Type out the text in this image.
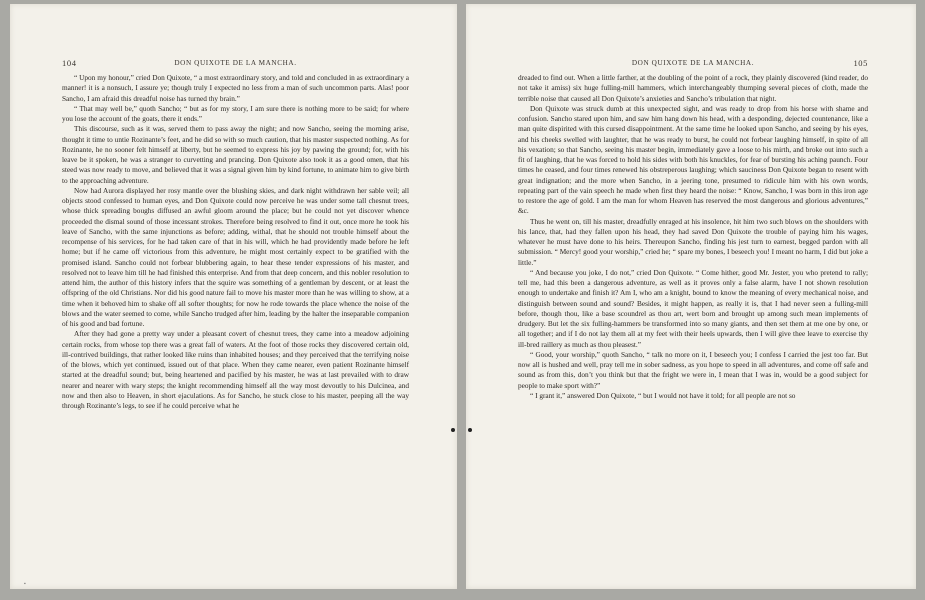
104	DON QUIXOTE DE LA MANCHA.

“ Upon my honour,” cried Don Quixote, “ a most extraordinary story, and told and concluded in as extraordinary a manner! it is a nonsuch, I assure ye; though truly I expected no less from a man of such uncommon parts. Alas! poor Sancho, I am afraid this dreadful noise has turned thy brain.”

“ That may well be,” quoth Sancho; “ but as for my story, I am sure there is nothing more to be said; for where you lose the account of the goats, there it ends.”

This discourse, such as it was, served them to pass away the night; and now Sancho, seeing the morning arise, thought it time to untie Rozinante’s feet, and he did so with so much caution, that his master suspected nothing. As for Rozinante, he no sooner felt himself at liberty, but he seemed to express his joy by pawing the ground; for, with his leave be it spoken, he was a stranger to curvetting and prancing. Don Quixote also took it as a good omen, that his steed was now ready to move, and believed that it was a signal given him by kind fortune, to animate him to give birth to the approaching adventure.

Now had Aurora displayed her rosy mantle over the blushing skies, and dark night withdrawn her sable veil; all objects stood confessed to human eyes, and Don Quixote could now perceive he was under some tall chesnut trees, whose thick spreading boughs diffused an awful gloom around the place; but he could not yet discover whence proceeded the dismal sound of those incessant strokes. Therefore being resolved to find it out, once more he took his leave of Sancho, with the same injunctions as before; adding, withal, that he should not trouble himself about the recompense of his services, for he had taken care of that in his will, which he had providently made before he left home; but if he came off victorious from this adventure, he might most certainly expect to be gratified with the promised island. Sancho could not forbear blubbering again, to hear these tender expressions of his master, and resolved not to leave him till he had finished this enterprise. And from that deep concern, and this nobler resolution to attend him, the author of this history infers that the squire was something of a gentleman by descent, or at least the offspring of the old Christians. Nor did his good nature fail to move his master more than he was willing to show, at a time when it behoved him to shake off all softer thoughts; for now he rode towards the place whence the noise of the blows and the water seemed to come, while Sancho trudged after him, leading by the halter the inseparable companion of his good and bad fortune.

After they had gone a pretty way under a pleasant covert of chesnut trees, they came into a meadow adjoining certain rocks, from whose top there was a great fall of waters. At the foot of those rocks they discovered certain old, ill-contrived buildings, that rather looked like ruins than inhabited houses; and they perceived that the terrifying noise of the blows, which yet continued, issued out of that place. When they came nearer, even patient Rozinante himself started at the dreadful sound; but, being heartened and pacified by his master, he was at last prevailed with to draw nearer and nearer with wary steps; the knight recommending himself all the way most devoutly to his Dulcinea, and now and then also to Heaven, in short ejaculations. As for Sancho, he stuck close to his master, peeping all the way through Rozinante’s legs, to see if he could perceive what he

▪
DON QUIXOTE DE LA MANCHA.	105

dreaded to find out. When a little farther, at the doubling of the point of a rock, they plainly discovered (kind reader, do not take it amiss) six huge fulling-mill hammers, which interchangeably thumping several pieces of cloth, made the terrible noise that caused all Don Quixote’s anxieties and Sancho’s tribulation that night.

Don Quixote was struck dumb at this unexpected sight, and was ready to drop from his horse with shame and confusion. Sancho stared upon him, and saw him hang down his head, with a desponding, dejected countenance, like a man quite dispirited with this cursed disappointment. At the same time he looked upon Sancho, and seeing by his eyes, and his cheeks swelled with laughter, that he was ready to burst, he could not forbear laughing himself, in spite of all his vexation; so that Sancho, seeing his master begin, immediately gave a loose to his mirth, and broke out into such a fit of laughing, that he was forced to hold his sides with both his knuckles, for fear of bursting his aching paunch. Four times he ceased, and four times renewed his obstreperous laughing; which sauciness Don Quixote began to resent with great indignation; and the more when Sancho, in a jeering tone, presumed to ridicule him with his own words, repeating part of the vain speech he made when first they heard the noise: “ Know, Sancho, I was born in this iron age to restore the age of gold. I am the man for whom Heaven has reserved the most dangerous and glorious adventures,” &c.

Thus he went on, till his master, dreadfully enraged at his insolence, hit him two such blows on the shoulders with his lance, that, had they fallen upon his head, they had saved Don Quixote the trouble of paying him his wages, whatever he must have done to his heirs. Thereupon Sancho, finding his jest turn to earnest, begged pardon with all submission. “ Mercy! good your worship,” cried he; “ spare my bones, I beseech you! I meant no harm, I did but joke a little.”

“ And because you joke, I do not,” cried Don Quixote. “ Come hither, good Mr. Jester, you who pretend to rally; tell me, had this been a dangerous adventure, as well as it proves only a false alarm, have I not shown resolution enough to undertake and finish it? Am I, who am a knight, bound to know the meaning of every mechanical noise, and distinguish between sound and sound? Besides, it might happen, as really it is, that I had never seen a fulling-mill before, though thou, like a base scoundrel as thou art, wert born and brought up among such mean implements of drudgery. But let the six fulling-hammers be transformed into so many giants, and then set them at me one by one, or all together; and if I do not lay them all at my feet with their heels upwards, then I will give thee leave to exercise thy ill-bred raillery as much as thou pleasest.”

“ Good, your worship,” quoth Sancho, “ talk no more on it, I beseech you; I confess I carried the jest too far. But now all is hushed and well, pray tell me in sober sadness, as you hope to speed in all adventures, and come off safe and sound as from this, don’t you think but that the fright we were in, I mean that I was in, would be a good subject for people to make sport with?”

“ I grant it,” answered Don Quixote, “ but I would not have it told; for all people are not so
